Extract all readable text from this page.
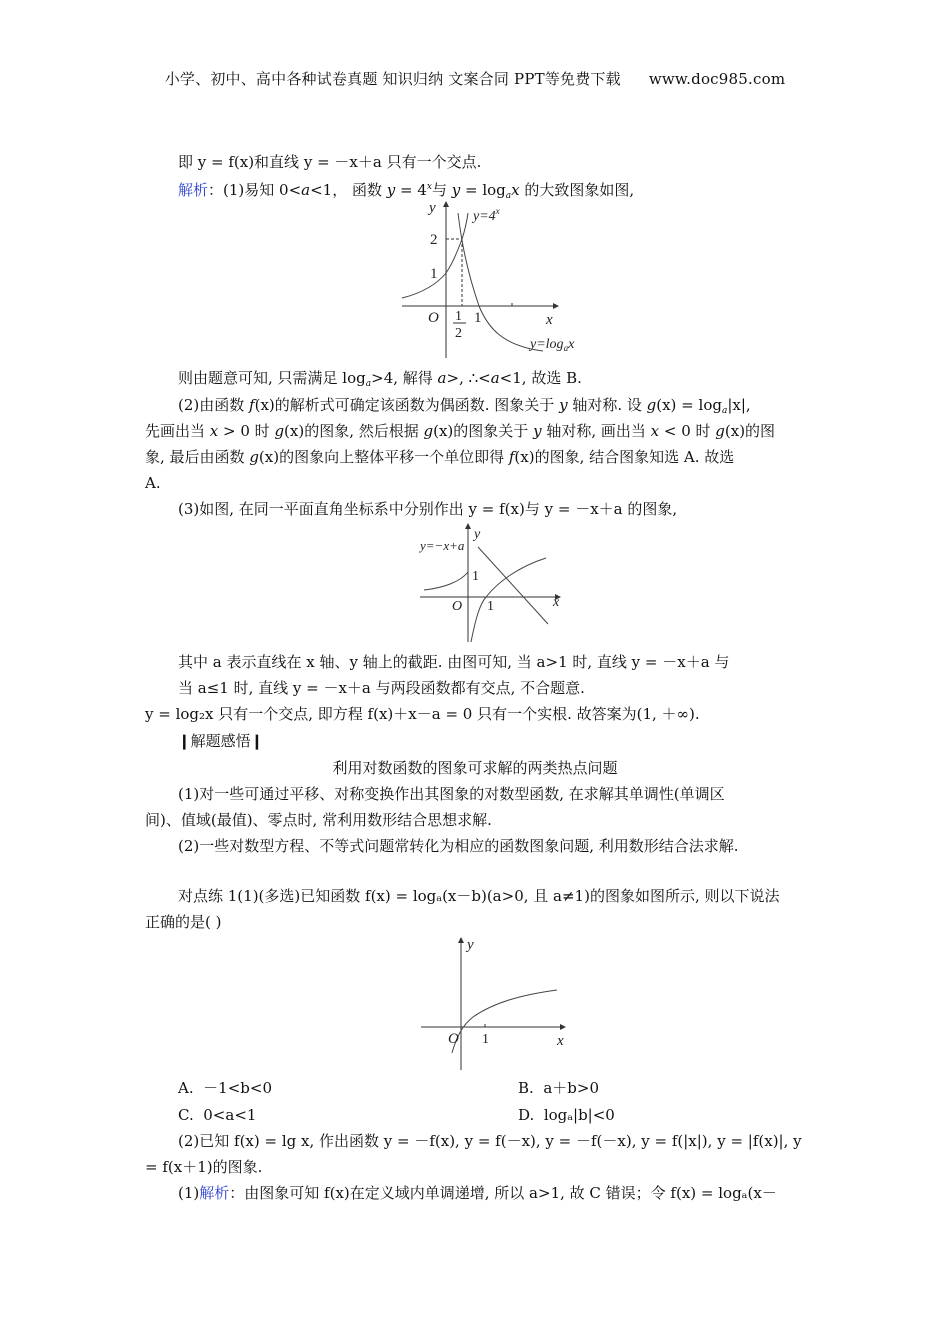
小学、初中、高中各种试卷真题 知识归纳 文案合同 PPT等免费下载 www.doc985.com
即 y = f(x)和直线 y = －x＋a 只有一个交点.
解析：(1)易知 0<a<1， 函数 $y = 4^x$与 $y = \log_ax$ 的大致图象如图,
y
x
O
2
1
1
2
1
$y=4^x$
$y=\log_ax$
则由题意可知, 只需满足 $\log_a>4$, 解得 a>, ∴<a<1, 故选 B.
(2)由函数 f(x)的解析式可确定该函数为偶函数. 图象关于 y 轴对称. 设 $g(x) = \log_a|x|$,
先画出当 x > 0 时 g(x)的图象, 然后根据 g(x)的图象关于 y 轴对称, 画出当 x < 0 时 g(x)的图
象, 最后由函数 g(x)的图象向上整体平移一个单位即得 f(x)的图象, 结合图象知选 A. 故选
A.
(3)如图, 在同一平面直角坐标系中分别作出 y = f(x)与 y = －x＋a 的图象,
y=−x+a
y
x
O
1
1
其中 a 表示直线在 x 轴、y 轴上的截距. 由图可知, 当 a>1 时, 直线 y = －x＋a 与
当 a≤1 时, 直线 y = －x＋a 与两段函数都有交点, 不合题意.
y = log₂x 只有一个交点, 即方程 f(x)＋x－a = 0 只有一个实根. 故答案为(1, ＋∞).
❙解题感悟❙
利用对数函数的图象可求解的两类热点问题
(1)对一些可通过平移、对称变换作出其图象的对数型函数, 在求解其单调性(单调区
间)、值域(最值)、零点时, 常利用数形结合思想求解.
(2)一些对数型方程、不等式问题常转化为相应的函数图象问题, 利用数形结合法求解.
对点练 1(1)(多选)已知函数 f(x) = logₐ(x－b)(a>0, 且 a≠1)的图象如图所示, 则以下说法
正确的是( )
y
x
O 1
A. －1<b<0	B. a＋b>0
C. 0<a<1	D. logₐ|b|<0
(2)已知 f(x) = lg x, 作出函数 y = －f(x), y = f(－x), y = －f(－x), y = f(|x|), y = |f(x)|, y
= f(x＋1)的图象.
(1)解析：由图象可知 f(x)在定义域内单调递增, 所以 a>1, 故 C 错误；令 f(x) = logₐ(x－
